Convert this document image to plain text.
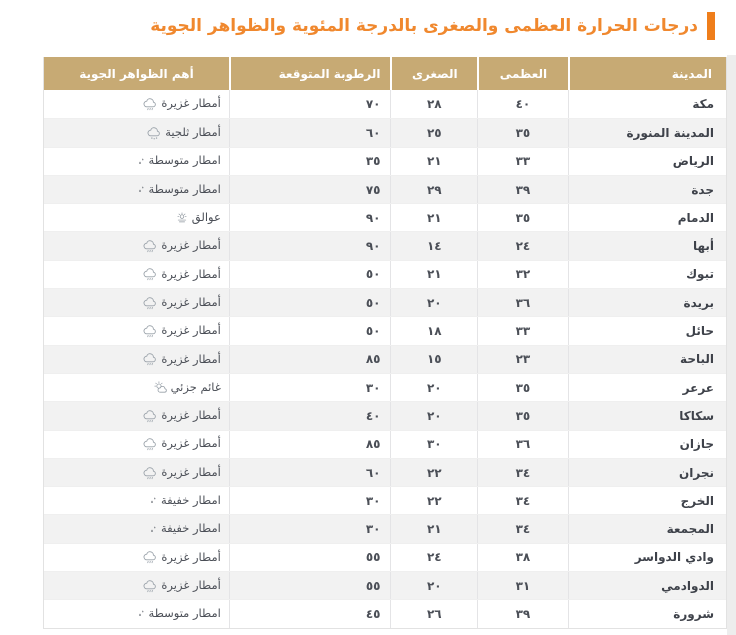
درجات الحرارة العظمى والصغرى بالدرجة المئوية والظواهر الجوية
المدينة
العظمى
الصغرى
الرطوبة المتوقعة
أهم الظواهر الجوية
مكة
٤٠
٢٨
٧٠
أمطار غزيرة
المدينة المنورة
٣٥
٢٥
٦٠
أمطار ثلجية
الرياض
٣٣
٢١
٣٥
امطار متوسطة
جدة
٣٩
٢٩
٧٥
امطار متوسطة
الدمام
٣٥
٢١
٩٠
عوالق
أبها
٢٤
١٤
٩٠
أمطار غزيرة
تبوك
٣٢
٢١
٥٠
أمطار غزيرة
بريدة
٣٦
٢٠
٥٠
أمطار غزيرة
حائل
٣٣
١٨
٥٠
أمطار غزيرة
الباحة
٢٣
١٥
٨٥
أمطار غزيرة
عرعر
٣٥
٢٠
٣٠
غائم جزئي
سكاكا
٣٥
٢٠
٤٠
أمطار غزيرة
جازان
٣٦
٣٠
٨٥
أمطار غزيرة
نجران
٣٤
٢٢
٦٠
أمطار غزيرة
الخرج
٣٤
٢٢
٣٠
امطار خفيفة
المجمعة
٣٤
٢١
٣٠
امطار خفيفة
وادي الدواسر
٣٨
٢٤
٥٥
أمطار غزيرة
الدوادمي
٣١
٢٠
٥٥
أمطار غزيرة
شرورة
٣٩
٢٦
٤٥
امطار متوسطة
